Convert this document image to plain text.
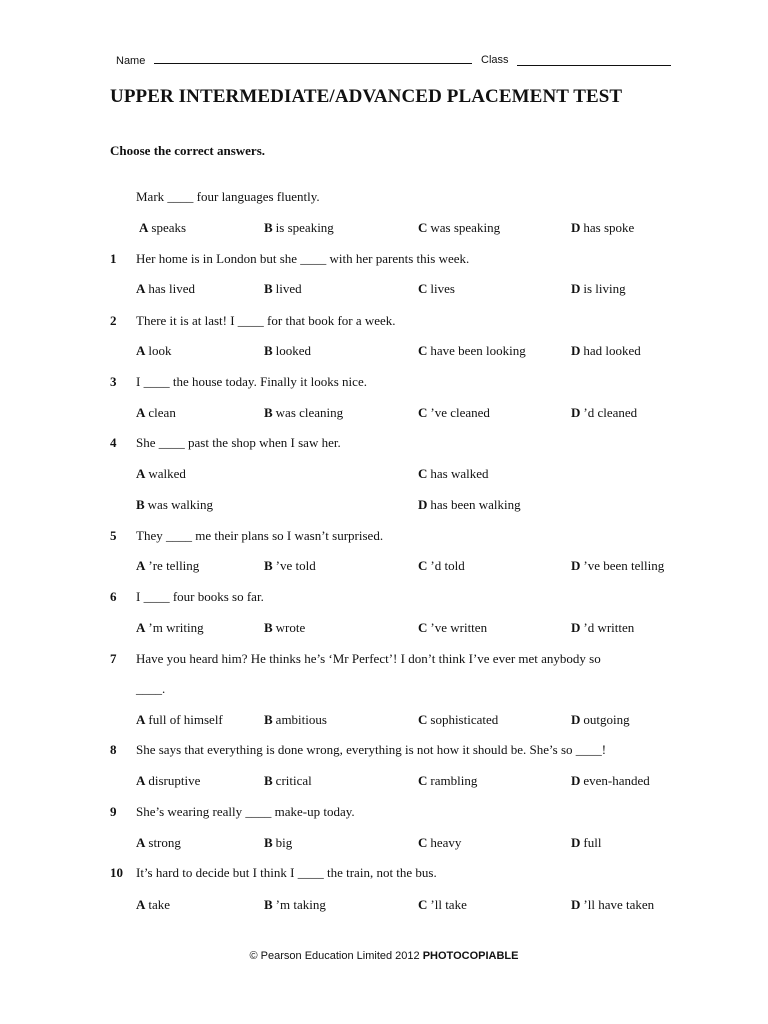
Name	Class
UPPER INTERMEDIATE/ADVANCED PLACEMENT TEST
Choose the correct answers.
Mark ____ four languages fluently.
A speaks	B is speaking	C was speaking	D has spoke
1 Her home is in London but she ____ with her parents this week.
A has lived	B lived	C lives	D is living
2 There it is at last! I ____ for that book for a week.
A look	B looked	C have been looking	D had looked
3 I ____ the house today. Finally it looks nice.
A clean	B was cleaning	C ’ve cleaned	D ’d cleaned
4 She ____ past the shop when I saw her.
A walked	C has walked
B was walking	D has been walking
5 They ____ me their plans so I wasn’t surprised.
A ’re telling	B ’ve told	C ’d told	D ’ve been telling
6 I ____ four books so far.
A ’m writing	B wrote	C ’ve written	D ’d written
7 Have you heard him? He thinks he’s ‘Mr Perfect’! I don’t think I’ve ever met anybody so
____.
A full of himself	B ambitious	C sophisticated	D outgoing
8 She says that everything is done wrong, everything is not how it should be. She’s so ____!
A disruptive	B critical	C rambling	D even-handed
9 She’s wearing really ____ make-up today.
A strong	B big	C heavy	D full
10 It’s hard to decide but I think I ____ the train, not the bus.
A take	B ’m taking	C ’ll take	D ’ll have taken
© Pearson Education Limited 2012 PHOTOCOPIABLE
